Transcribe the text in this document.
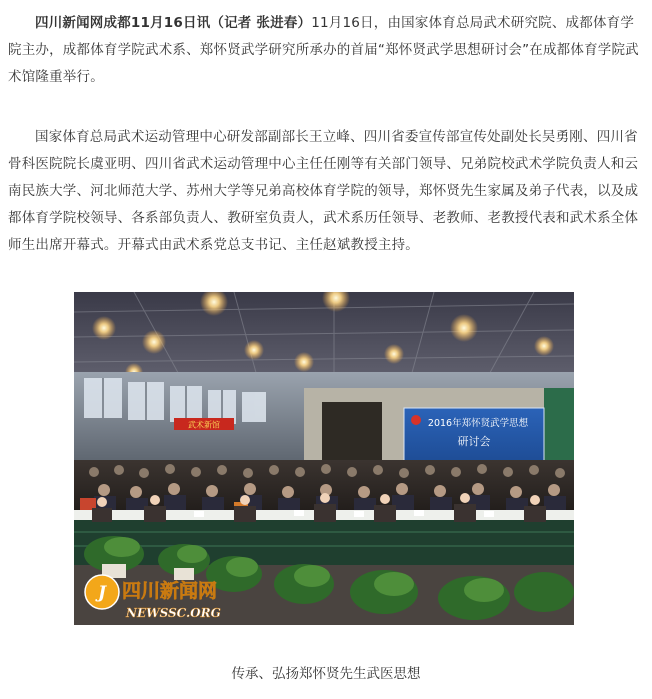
四川新闻网成都11月16日讯（记者 张进春）11月16日，由国家体育总局武术研究院、成都体育学院主办，成都体育学院武术系、郑怀贤武学研究所承办的首届“郑怀贤武学思想研讨会”在成都体育学院武术馆隆重举行。

国家体育总局武术运动管理中心研发部副部长王立峰、四川省委宣传部宣传处副处长吴勇刚、四川省骨科医院院长虞亚明、四川省武术运动管理中心主任任刚等有关部门领导、兄弟院校武术学院负责人和云南民族大学、河北师范大学、苏州大学等兄弟高校体育学院的领导，郑怀贤先生家属及弟子代表，以及成都体育学院校领导、各系部负责人、教研室负责人，武术系历任领导、老教师、老教授代表和武术系全体师生出席开幕式。开幕式由武术系党总支书记、主任赵斌教授主持。

武术新馆	2016年郑怀贤武学思想
研讨会
J 四川新闻网
NEWSSC.ORG
传承、弘扬郑怀贤先生武医思想
